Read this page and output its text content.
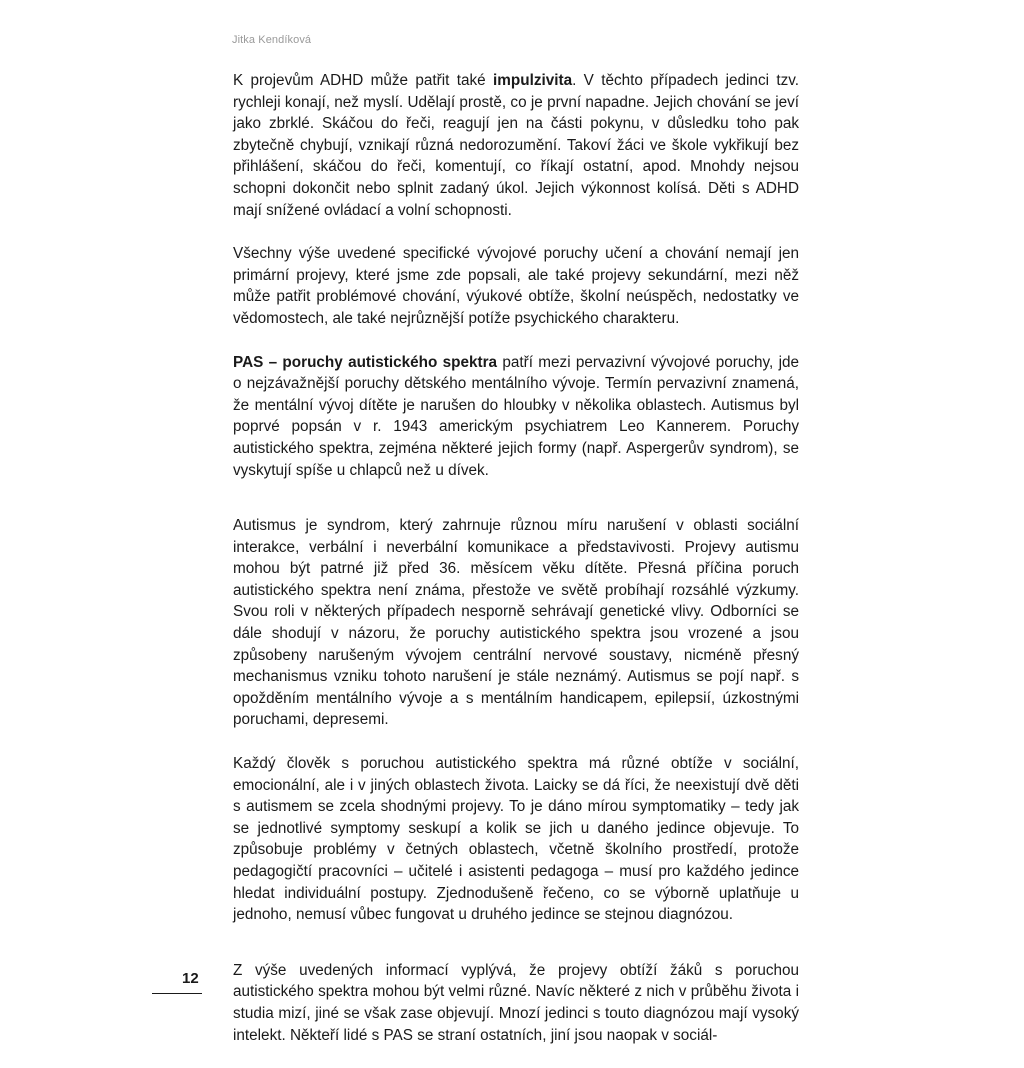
Jitka Kendíková

K projevům ADHD může patřit také impulzivita. V těchto případech jedinci tzv. rychleji konají, než myslí. Udělají prostě, co je první napadne. Jejich chování se jeví jako zbrklé. Skáčou do řeči, reagují jen na části pokynu, v důsledku toho pak zbytečně chybují, vznikají různá nedorozumění. Takoví žáci ve škole vykřikují bez přihlášení, skáčou do řeči, komentují, co říkají ostatní, apod. Mnohdy nejsou schopni dokončit nebo splnit zadaný úkol. Jejich výkonnost kolísá. Děti s ADHD mají snížené ovládací a volní schopnosti.

Všechny výše uvedené specifické vývojové poruchy učení a chování nemají jen primární projevy, které jsme zde popsali, ale také projevy sekundární, mezi něž může patřit problémové chování, výukové obtíže, školní neúspěch, nedostatky ve vědomostech, ale také nejrůznější potíže psychického charakteru.

PAS – poruchy autistického spektra patří mezi pervazivní vývojové poruchy, jde o nejzávažnější poruchy dětského mentálního vývoje. Termín pervazivní znamená, že mentální vývoj dítěte je narušen do hloubky v několika oblastech. Autismus byl poprvé popsán v r. 1943 americkým psychiatrem Leo Kannerem. Poruchy autistického spektra, zejména některé jejich formy (např. Aspergerův syndrom), se vyskytují spíše u chlapců než u dívek.

Autismus je syndrom, který zahrnuje různou míru narušení v oblasti sociální interakce, verbální i neverbální komunikace a představivosti. Projevy autismu mohou být patrné již před 36. měsícem věku dítěte. Přesná příčina poruch autistického spektra není známa, přestože ve světě probíhají rozsáhlé výzkumy. Svou roli v některých případech nesporně sehrávají genetické vlivy. Odborníci se dále shodují v názoru, že poruchy autistického spektra jsou vrozené a jsou způsobeny narušeným vývojem centrální nervové soustavy, nicméně přesný mechanismus vzniku tohoto narušení je stále neznámý. Autismus se pojí např. s opožděním mentálního vývoje a s mentálním handicapem, epilepsií, úzkostnými poruchami, depresemi.

Každý člověk s poruchou autistického spektra má různé obtíže v sociální, emocionální, ale i v jiných oblastech života. Laicky se dá říci, že neexistují dvě děti s autismem se zcela shodnými projevy. To je dáno mírou symptomatiky – tedy jak se jednotlivé symptomy seskupí a kolik se jich u daného jedince objevuje. To způsobuje problémy v četných oblastech, včetně školního prostředí, protože pedagogičtí pracovníci – učitelé i asistenti pedagoga – musí pro každého jedince hledat individuální postupy. Zjednodušeně řečeno, co se výborně uplatňuje u jednoho, nemusí vůbec fungovat u druhého jedince se stejnou diagnózou.

Z výše uvedených informací vyplývá, že projevy obtíží žáků s poruchou autistického spektra mohou být velmi různé. Navíc některé z nich v průběhu života i studia mizí, jiné se však zase objevují. Mnozí jedinci s touto diagnózou mají vysoký intelekt. Někteří lidé s PAS se straní ostatních, jiní jsou naopak v sociál-

12
